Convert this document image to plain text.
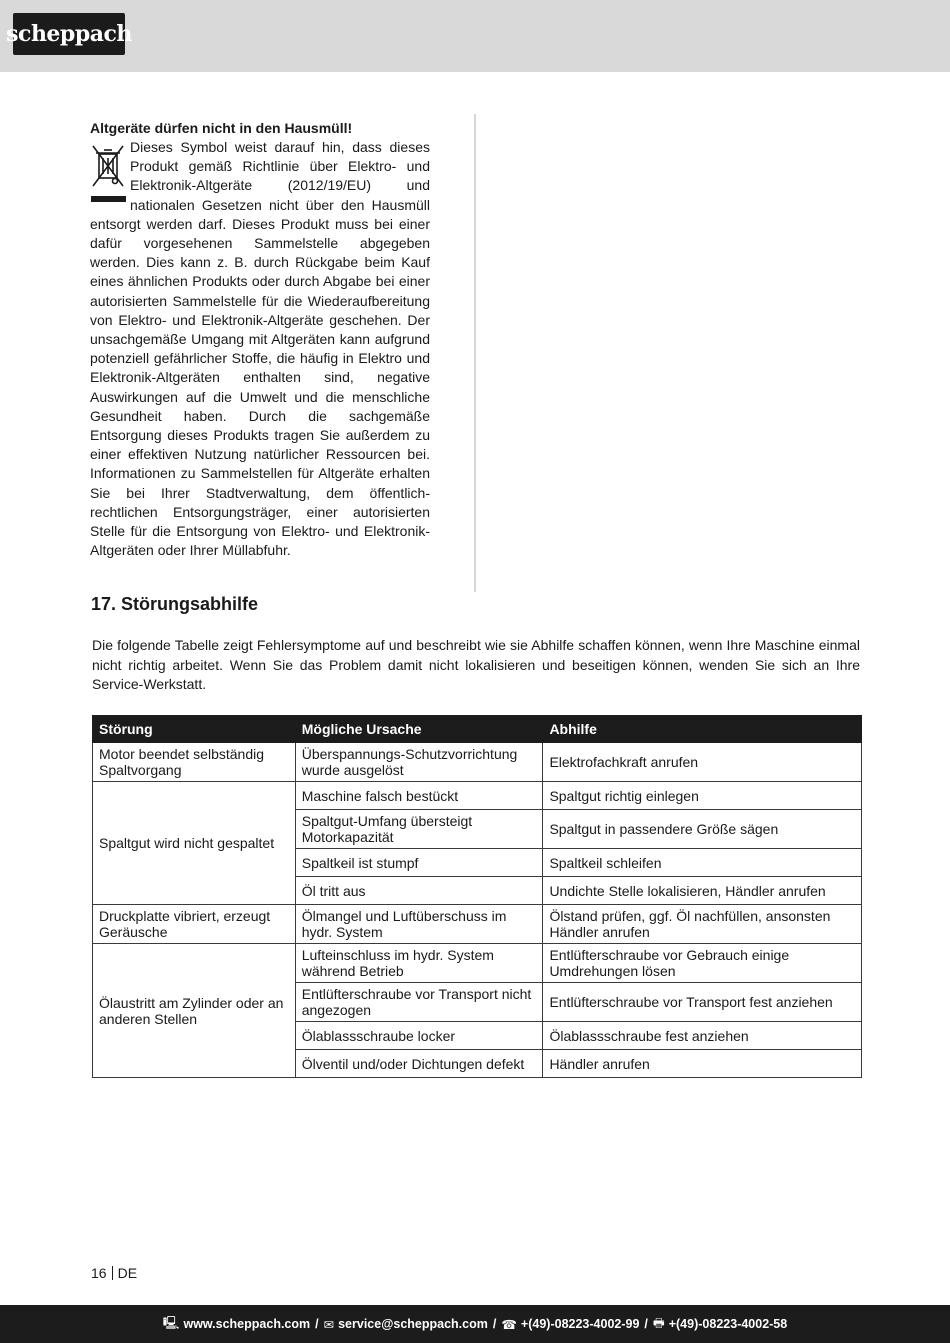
scheppach

Altgeräte dürfen nicht in den Hausmüll!

Dieses Symbol weist darauf hin, dass dieses Produkt gemäß Richtlinie über Elektro- und Elektronik-Altgeräte (2012/19/EU) und nationalen Gesetzen nicht über den Hausmüll entsorgt werden darf. Dieses Produkt muss bei einer dafür vorgesehenen Sammelstelle abgegeben werden. Dies kann z. B. durch Rückgabe beim Kauf eines ähnlichen Produkts oder durch Abgabe bei einer autorisierten Sammelstelle für die Wiederaufbereitung von Elektro- und Elektronik-Altgeräte geschehen. Der unsachgemäße Umgang mit Altgeräten kann aufgrund potenziell gefährlicher Stoffe, die häufig in Elektro und Elektronik-Altgeräten enthalten sind, negative Auswirkungen auf die Umwelt und die menschliche Gesundheit haben. Durch die sachgemäße Entsorgung dieses Produkts tragen Sie außerdem zu einer effektiven Nutzung natürlicher Ressourcen bei. Informationen zu Sammelstellen für Altgeräte erhalten Sie bei Ihrer Stadtverwaltung, dem öffentlich-rechtlichen Entsorgungsträger, einer autorisierten Stelle für die Entsorgung von Elektro- und Elektronik-Altgeräten oder Ihrer Müllabfuhr.

17. Störungsabhilfe

Die folgende Tabelle zeigt Fehlersymptome auf und beschreibt wie sie Abhilfe schaffen können, wenn Ihre Maschine einmal nicht richtig arbeitet. Wenn Sie das Problem damit nicht lokalisieren und beseitigen können, wenden Sie sich an Ihre Service-Werkstatt.

Störung	Mögliche Ursache	Abhilfe
Motor beendet selbständig Spaltvorgang	Überspannungs-Schutzvorrichtung wurde ausgelöst	Elektrofachkraft anrufen
Spaltgut wird nicht gespaltet	Maschine falsch bestückt	Spaltgut richtig einlegen
	Spaltgut-Umfang übersteigt Motorkapazität	Spaltgut in passendere Größe sägen
	Spaltkeil ist stumpf	Spaltkeil schleifen
	Öl tritt aus	Undichte Stelle lokalisieren, Händler anrufen
Druckplatte vibriert, erzeugt Geräusche	Ölmangel und Luftüberschuss im hydr. System	Ölstand prüfen, ggf. Öl nachfüllen, ansonsten Händler anrufen
Ölaustritt am Zylinder oder an anderen Stellen	Lufteinschluss im hydr. System während Betrieb	Entlüfterschraube vor Gebrauch einige Umdrehungen lösen
	Entlüfterschraube vor Transport nicht angezogen	Entlüfterschraube vor Transport fest anziehen
	Ölablassschraube locker	Ölablassschraube fest anziehen
	Ölventil und/oder Dichtungen defekt	Händler anrufen
16 DE
🖳 www.scheppach.com / ✉ service@scheppach.com / ☎ +(49)-08223-4002-99 / 🖶 +(49)-08223-4002-58
